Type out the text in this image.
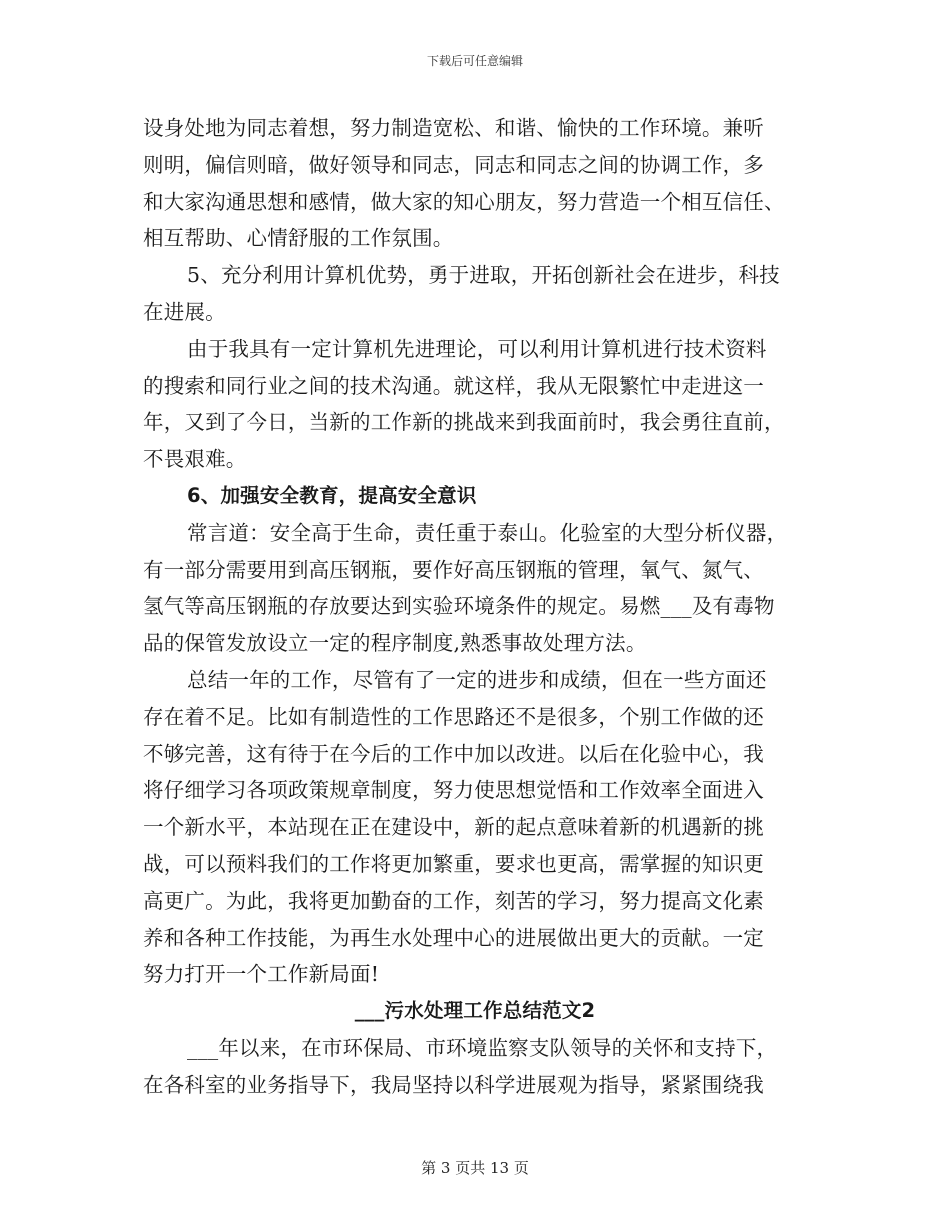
下载后可任意编辑
设身处地为同志着想，努力制造宽松、和谐、愉快的工作环境。兼听
则明，偏信则暗，做好领导和同志，同志和同志之间的协调工作，多
和大家沟通思想和感情，做大家的知心朋友，努力营造一个相互信任、
相互帮助、心情舒服的工作氛围。
5、充分利用计算机优势，勇于进取，开拓创新社会在进步，科技
在进展。
由于我具有一定计算机先进理论，可以利用计算机进行技术资料
的搜索和同行业之间的技术沟通。就这样，我从无限繁忙中走进这一
年，又到了今日，当新的工作新的挑战来到我面前时，我会勇往直前，
不畏艰难。
6、加强安全教育，提高安全意识
常言道：安全高于生命，责任重于泰山。化验室的大型分析仪器，
有一部分需要用到高压钢瓶，要作好高压钢瓶的管理，氧气、氮气、
氢气等高压钢瓶的存放要达到实验环境条件的规定。易燃___及有毒物
品的保管发放设立一定的程序制度,熟悉事故处理方法。
总结一年的工作，尽管有了一定的进步和成绩，但在一些方面还
存在着不足。比如有制造性的工作思路还不是很多，个别工作做的还
不够完善，这有待于在今后的工作中加以改进。以后在化验中心，我
将仔细学习各项政策规章制度，努力使思想觉悟和工作效率全面进入
一个新水平，本站现在正在建设中，新的起点意味着新的机遇新的挑
战，可以预料我们的工作将更加繁重，要求也更高，需掌握的知识更
高更广。为此，我将更加勤奋的工作，刻苦的学习，努力提高文化素
养和各种工作技能，为再生水处理中心的进展做出更大的贡献。一定
努力打开一个工作新局面!
___污水处理工作总结范文2
___年以来，在市环保局、市环境监察支队领导的关怀和支持下，
在各科室的业务指导下，我局坚持以科学进展观为指导，紧紧围绕我
第 3 页共 13 页
